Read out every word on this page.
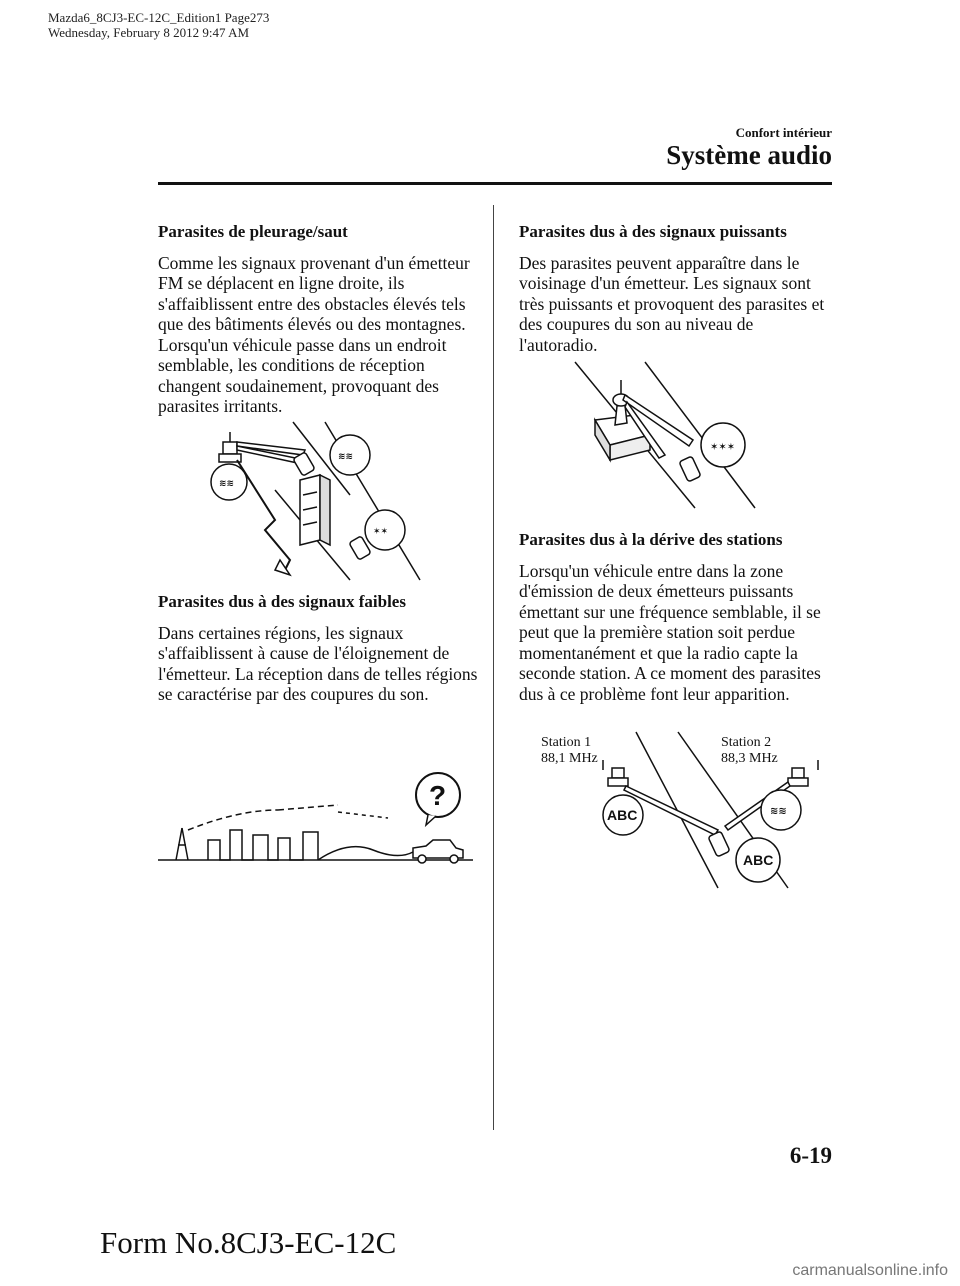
Mazda6_8CJ3-EC-12C_Edition1 Page273
Wednesday, February 8 2012 9:47 AM
Confort intérieur
Système audio
Parasites de pleurage/saut

Comme les signaux provenant d'un émetteur FM se déplacent en ligne droite, ils s'affaiblissent entre des obstacles élevés tels que des bâtiments élevés ou des montagnes. Lorsqu'un véhicule passe dans un endroit semblable, les conditions de réception changent soudainement, provoquant des parasites irritants.

≋≋
≋≋
✶✶
Parasites dus à des signaux faibles

Dans certaines régions, les signaux s'affaiblissent à cause de l'éloignement de l'émetteur. La réception dans de telles régions se caractérise par des coupures du son.

?
Parasites dus à des signaux puissants

Des parasites peuvent apparaître dans le voisinage d'un émetteur. Les signaux sont très puissants et provoquent des parasites et des coupures du son au niveau de l'autoradio.

✶✶✶
Parasites dus à la dérive des stations

Lorsqu'un véhicule entre dans la zone d'émission de deux émetteurs puissants émettant sur une fréquence semblable, il se peut que la première station soit perdue momentanément et que la radio capte la seconde station. A ce moment des parasites dus à ce problème font leur apparition.

Station 1
88,1 MHz
Station 2
88,3 MHz
ABC
ABC
≋≋
6-19
Form No.8CJ3-EC-12C
carmanualsonline.info
